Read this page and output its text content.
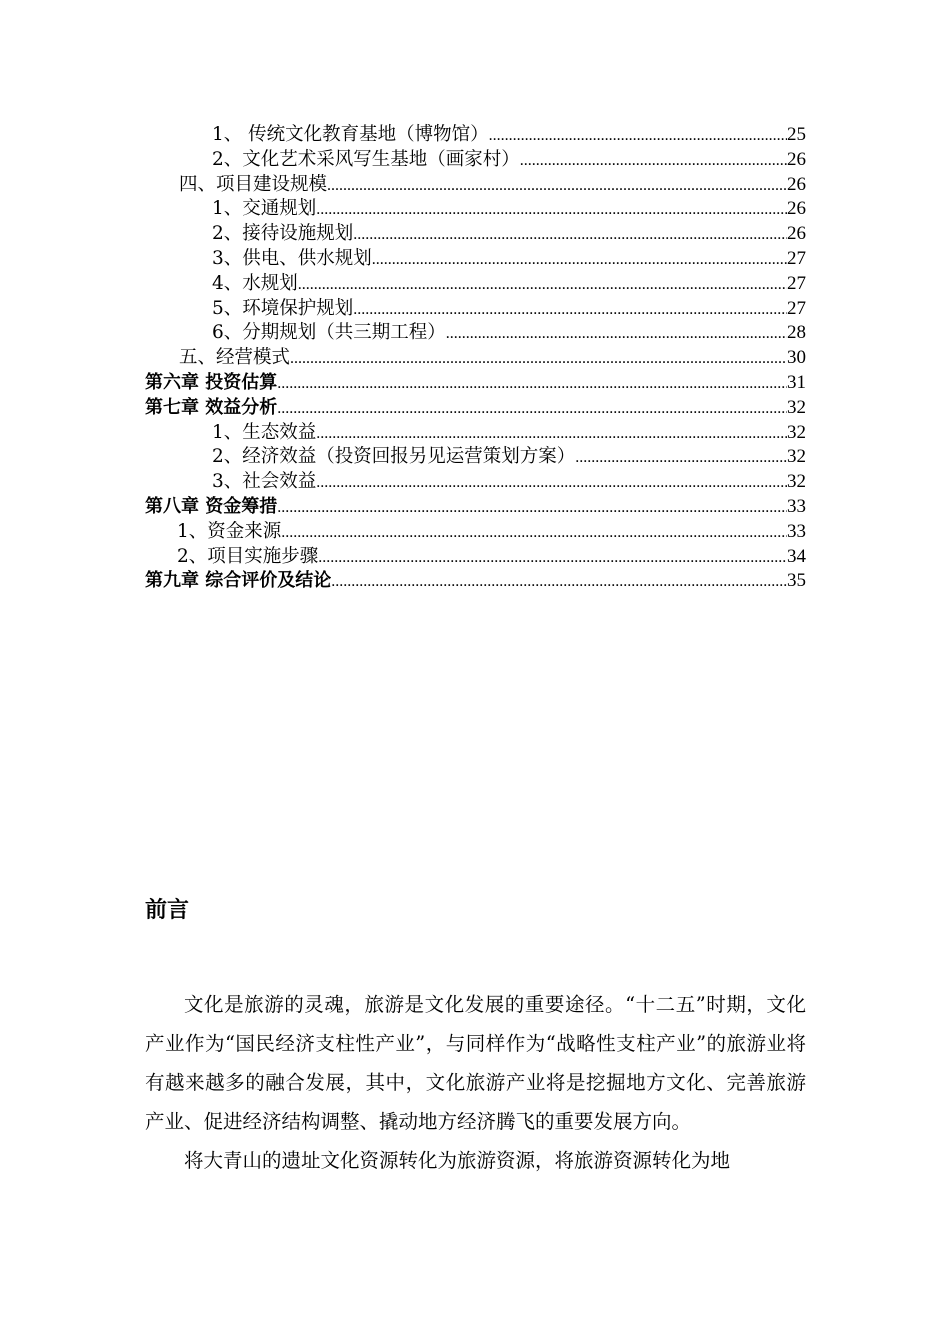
1、 传统文化教育基地（博物馆） .....	25
2、文化艺术采风写生基地（画家村） .....	26
四、项目建设规模 .....	26
1、交通规划 .....	26
2、接待设施规划 .....	26
3、供电、供水规划 .....	27
4、水规划 .....	27
5、环境保护规划 .....	27
6、分期规划（共三期工程） .....	28
五、经营模式 .....	30
第六章 投资估算 .....	31
第七章 效益分析 .....	32
1、生态效益 .....	32
2、经济效益（投资回报另见运营策划方案） .....	32
3、社会效益 .....	32
第八章 资金筹措 .....	33
1、资金来源 .....	33
2、项目实施步骤 .....	34
第九章 综合评价及结论 .....	35
前言

文化是旅游的灵魂，旅游是文化发展的重要途径。“十二五”时期，文化产业作为“国民经济支柱性产业”，与同样作为“战略性支柱产业”的旅游业将有越来越多的融合发展，其中，文化旅游产业将是挖掘地方文化、完善旅游产业、促进经济结构调整、撬动地方经济腾飞的重要发展方向。

将大青山的遗址文化资源转化为旅游资源，将旅游资源转化为地
